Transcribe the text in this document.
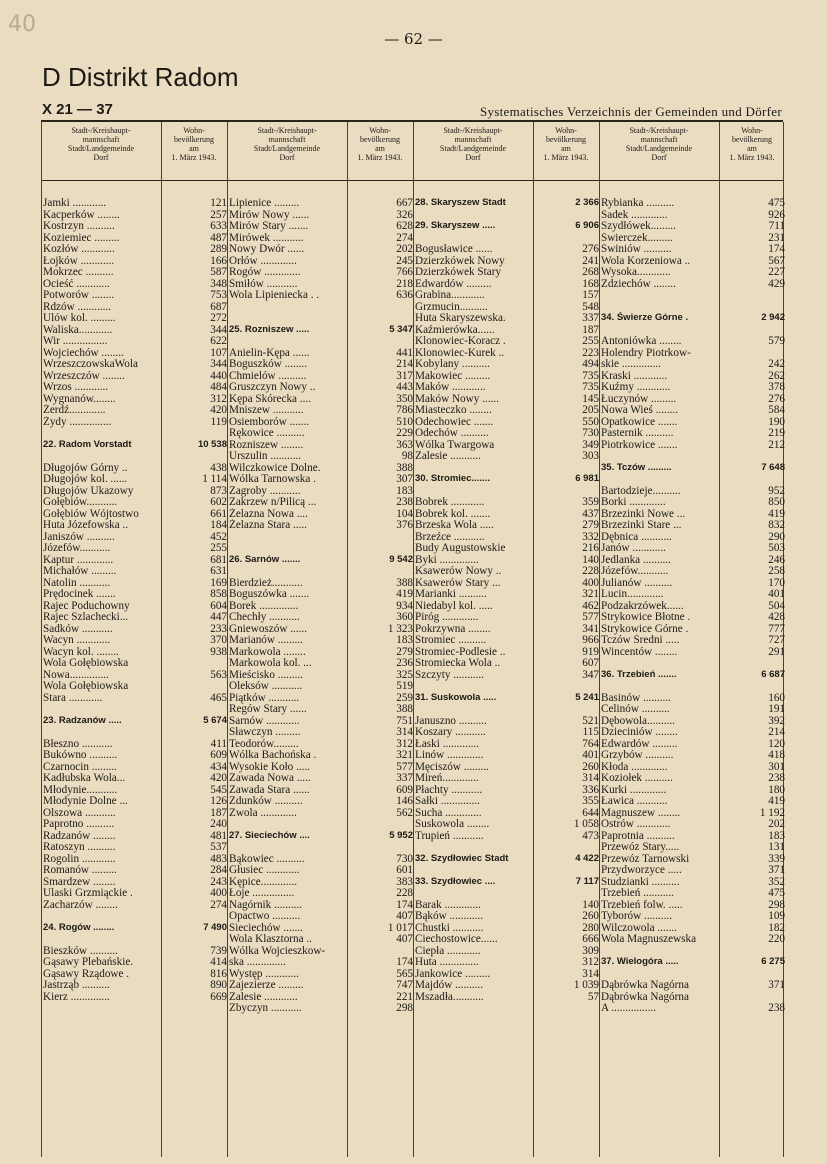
40
— 62 —
D Distrikt Radom
X 21 — 37	Systematisches Verzeichnis der Gemeinden und Dörfer
Stadt-/Kreishaupt-
mannschaft
Stadt/Landgemeinde
Dorf
Wohn-
bevölkerung
am
1. März 1943.
Jamki ............	121
Kacperków ........	257
Kostrzyn ..........	633
Koziemiec .........	487
Kozłów ............	289
Łojków ............	166
Mokrzec ..........	587
Ocieść ............	348
Potworów ........	753
Rdzów ............	687
Ulów kol. .........	272
Waliska............	344
Wir ................	622
Wojciechów ........	107
WrzeszczowskaWola	344
Wrzeszczów ........	440
Wrzos ............	484
Wygnanów........	312
Żerdź.............	420
Żydy ...............	119
22. Radom Vorstadt	10 538
Długojów Górny ..	438
Długojów kol. ......	1 114
Długojów Ukazowy	873
Gołębiów...........	602
Gołębiów Wójtostwo	661
Huta Józefowska ..	184
Janiszów ..........	452
Józefów...........	255
Kaptur .............	681
Michałów .........	631
Natolin ...........	169
Prędocinek .......	858
Rajec Poduchowny	604
Rajec Szlachecki...	447
Sadków ...........	233
Wacyn ............	370
Wacyn kol. ........	938
Wola Gołębiowska
Nowa..............	563
Wola Gołębiowska
Stara ............	465
23. Radzanów .....	5 674
Błeszno ...........	411
Bukówno ..........	609
Czarnocin .........	434
Kadłubska Wola...	420
Młodynie...........	545
Młodynie Dolne ...	126
Olszowa ...........	187
Paprotno ..........	240
Radzanów ........	481
Ratoszyn ..........	537
Rogolin ............	483
Romanów .........	284
Smardzew ........	243
Ulaski Grzmiąckie .	400
Zacharzów ........	274
24. Rogów ........	7 490
Bieszków ..........	739
Gąsawy Plebańskie.	414
Gąsawy Rządowe .	816
Jastrząb ..........	890
Kierz ..............	669
Stadt-/Kreishaupt-
mannschaft
Stadt/Landgemeinde
Dorf
Wohn-
bevölkerung
am
1. März 1943.
Lipienice .........	667
Mirów Nowy ......	326
Mirów Stary .......	628
Mirówek ...........	274
Nowy Dwór ......	202
Orłów .............	245
Rogów .............	766
Śmiłów ...........	218
Wola Lipieniecka . .	636
25. Rozniszew .....	5 347
Anielin-Kępa ......	441
Boguszków ........	214
Chmielów ..........	317
Gruszczyn Nowy ..	443
Kępa Skórecka ....	350
Mniszew ...........	786
Osiemborów .......	510
Rękowice ..........	229
Rozniszew ........	363
Urszulin ...........	98
Wilczkowice Dolne.	388
Wólka Tarnowska .	307
Zagroby ...........	183
Zakrzew n/Pilicą ...	238
Żelazna Nowa ....	104
Żelazna Stara .....	376
26. Sarnów .......	9 542
Bierdzież...........	388
Boguszówka .......	419
Borek ..............	934
Chechły ...........	360
Gniewoszów ......	1 323
Marianów .........	183
Markowola ........	279
Markowola kol. ...	236
Mieścisko .........	325
Oleksów ...........	519
Piątków ...........	259
Regów Stary ......	388
Sarnów ............	751
Sławczyn .........	314
Teodorów.........	312
Wólka Bachońska .	321
Wysokie Koło .....	577
Zawada Nowa .....	337
Zawada Stara ......	609
Zdunków ..........	146
Zwola .............	562
27. Sieciechów ....	5 952
Bąkowiec ..........	730
Głusiec ............	601
Kępice.............	383
Łoje ...............	228
Nagórnik ..........	174
Opactwo ..........	407
Sieciechów .......	1 017
Wola Klasztorna ..	407
Wólka Wojcieszkow-
ska ..............	174
Występ ............	565
Zajezierze .........	747
Zalesie ............	221
Zbyczyn ...........	298
Stadt-/Kreishaupt-
mannschaft
Stadt/Landgemeinde
Dorf
Wohn-
bevölkerung
am
1. März 1943.
28. Skaryszew Stadt	2 366
29. Skaryszew .....	6 906
Bogusławice ......	276
Dzierzkówek Nowy	241
Dzierzkówek Stary	268
Edwardów .........	168
Grabina............	157
Grzmucin..........	548
Huta Skaryszewska.	337
Kaźmierówka......	187
Klonowiec-Koracz .	255
Klonowiec-Kurek ..	223
Kobylany ..........	494
Makowiec .........	735
Maków ............	735
Maków Nowy ......	145
Miasteczko ........	205
Odechowiec .......	550
Odechów ..........	730
Wólka Twargowa	349
Zalesie ...........	303
30. Stromiec.......	6 981
Bobrek ............	359
Bobrek kol. .......	437
Brzeska Wola .....	279
Brzeźce ...........	332
Budy Augustowskie	216
Byki ..............	140
Ksawerów Nowy ..	228
Ksawerów Stary ...	400
Marianki ..........	321
Niedabyl kol. .....	462
Piróg .............	577
Pokrzywna ........	341
Stromiec ..........	966
Stromiec-Podlesie ..	919
Stromiecka Wola ..	607
Szczyty ...........	347
31. Suskowola .....	5 241
Januszno ..........	521
Koszary ...........	115
Łaski .............	764
Linów .............	401
Męciszów .........	260
Mireń.............	314
Płachty ...........	336
Sałki ..............	355
Sucha .............	644
Suskowola ........	1 058
Trupień ...........	473
32. Szydłowiec Stadt	4 422
33. Szydłowiec ....	7 117
Barak .............	140
Bąków ............	260
Chustki ...........	280
Ciechostowice......	666
Ciepła ............	309
Huta ..............	312
Jankowice .........	314
Majdów ..........	1 039
Mszadła...........	57
Stadt-/Kreishaupt-
mannschaft
Stadt/Landgemeinde
Dorf
Wohn-
bevölkerung
am
1. März 1943.
Rybianka ..........	475
Sadek .............	926
Szydłówek.........	711
Świerczek.........	231
Świniów ..........	174
Wola Korzeniowa ..	567
Wysoka............	227
Zdziechów ........	429
34. Świerze Górne .	2 942
Antoniówka ........	579
Holendry Piotrkow-
skie ..............	242
Kraski ............	262
Kuźmy ............	378
Łuczynów .........	276
Nowa Wieś ........	584
Opatkowice .......	190
Pasternik ..........	219
Piotrkowice .......	212
35. Tczów .........	7 648
Bartodzieje..........	952
Borki .............	850
Brzezinki Nowe ...	419
Brzezinki Stare ...	832
Dębnica ...........	290
Janów ............	503
Jedlanka ..........	246
Józefów...........	258
Julianów ..........	170
Lucin.............	401
Podzakrzówek......	504
Strykowice Błotne .	428
Strykowice Górne .	777
Tczów Średni .....	727
Wincentów ........	291
36. Trzebień .......	6 687
Basinów ..........	160
Celinów ..........	191
Dębowola..........	392
Dzieciniów ........	214
Edwardów .........	120
Grzybów ..........	418
Kłoda .............	301
Koziołek ..........	238
Kurki .............	180
Ławica ...........	419
Magnuszew ........	1 192
Ostrów ............	202
Paprotnia ..........	183
Przewóz Stary.....	131
Przewóz Tarnowski	339
Przydworzyce .....	371
Studzianki ..........	352
Trzebień ...........	475
Trzebień folw. .....	298
Tyborów ..........	109
Wilczowola .......	182
Wola Magnuszewska	220
37. Wielogóra .....	6 275
Dąbrówka Nagórna	371
Dąbrówka Nagórna
A ................	238
